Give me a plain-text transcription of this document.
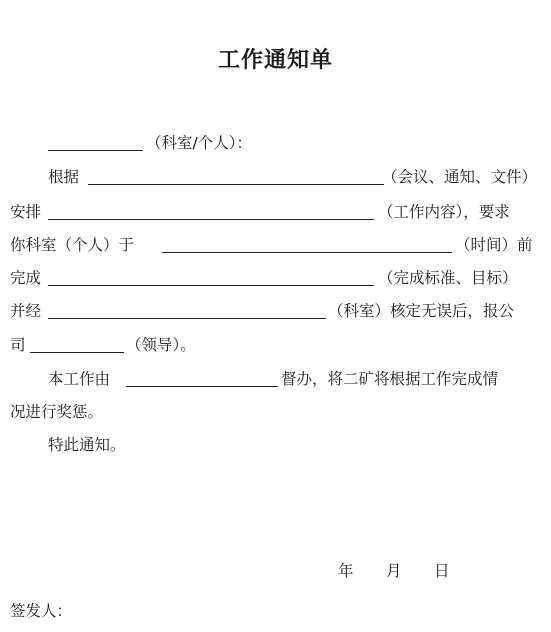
工作通知单
（科室/个人）：
根据	（会议、通知、文件）
安排	（工作内容），要求
你科室（个人）于	（时间）前
完成	（完成标准、目标）
并经	（科室）核定无误后，报公
司	（领导）。
本工作由	督办，将二矿将根据工作完成情
况进行奖惩。
特此通知。
年 月 日
签发人：
